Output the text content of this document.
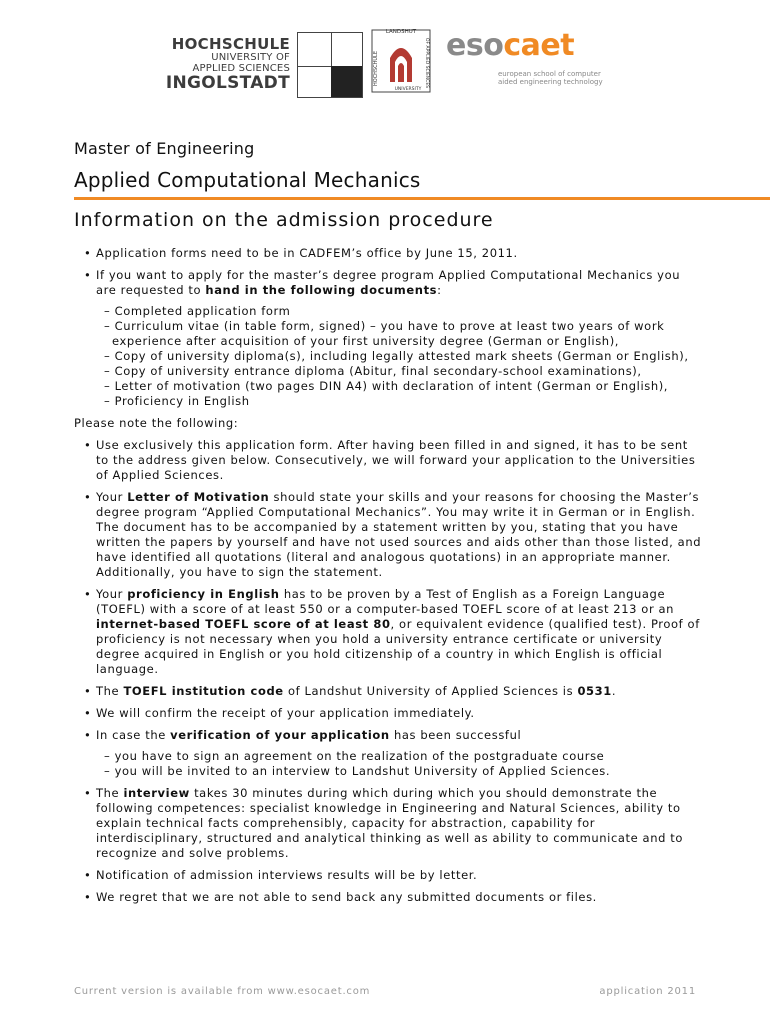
HOCHSCHULE
UNIVERSITY OF
APPLIED SCIENCES
INGOLSTADT
LANDSHUT
HOCHSCHULE	OF APPLIED SCIENCES
UNIVERSITY
esocaet
european school of computer aided engineering technology
Master of Engineering
Applied Computational Mechanics
Information on the admission procedure
• Application forms need to be in CADFEM’s office by June 15, 2011.
• If you want to apply for the master’s degree program Applied Computational Mechanics you are requested to hand in the following documents:
– Completed application form
– Curriculum vitae (in table form, signed) – you have to prove at least two years of work experience after acquisition of your first university degree (German or English),
– Copy of university diploma(s), including legally attested mark sheets (German or English),
– Copy of university entrance diploma (Abitur, final secondary-school examinations),
– Letter of motivation (two pages DIN A4) with declaration of intent (German or English),
– Proficiency in English
Please note the following:
• Use exclusively this application form. After having been filled in and signed, it has to be sent to the address given below. Consecutively, we will forward your application to the Universities of Applied Sciences.
• Your Letter of Motivation should state your skills and your reasons for choosing the Master’s degree program “Applied Computational Mechanics”. You may write it in German or in English. The document has to be accompanied by a statement written by you, stating that you have written the papers by yourself and have not used sources and aids other than those listed, and have identified all quotations (literal and analogous quotations) in an appropriate manner. Additionally, you have to sign the statement.
• Your proficiency in English has to be proven by a Test of English as a Foreign Language (TOEFL) with a score of at least 550 or a computer-based TOEFL score of at least 213 or an internet-based TOEFL score of at least 80, or equivalent evidence (qualified test). Proof of proficiency is not necessary when you hold a university entrance certificate or university degree acquired in English or you hold citizenship of a country in which English is official language.
• The TOEFL institution code of Landshut University of Applied Sciences is 0531.
• We will confirm the receipt of your application immediately.
• In case the verification of your application has been successful
– you have to sign an agreement on the realization of the postgraduate course
– you will be invited to an interview to Landshut University of Applied Sciences.
• The interview takes 30 minutes during which during which you should demonstrate the following competences: specialist knowledge in Engineering and Natural Sciences, ability to explain technical facts comprehensibly, capacity for abstraction, capability for interdisciplinary, structured and analytical thinking as well as ability to communicate and to recognize and solve problems.
• Notification of admission interviews results will be by letter.
• We regret that we are not able to send back any submitted documents or files.
Current version is available from www.esocaet.com	application 2011
